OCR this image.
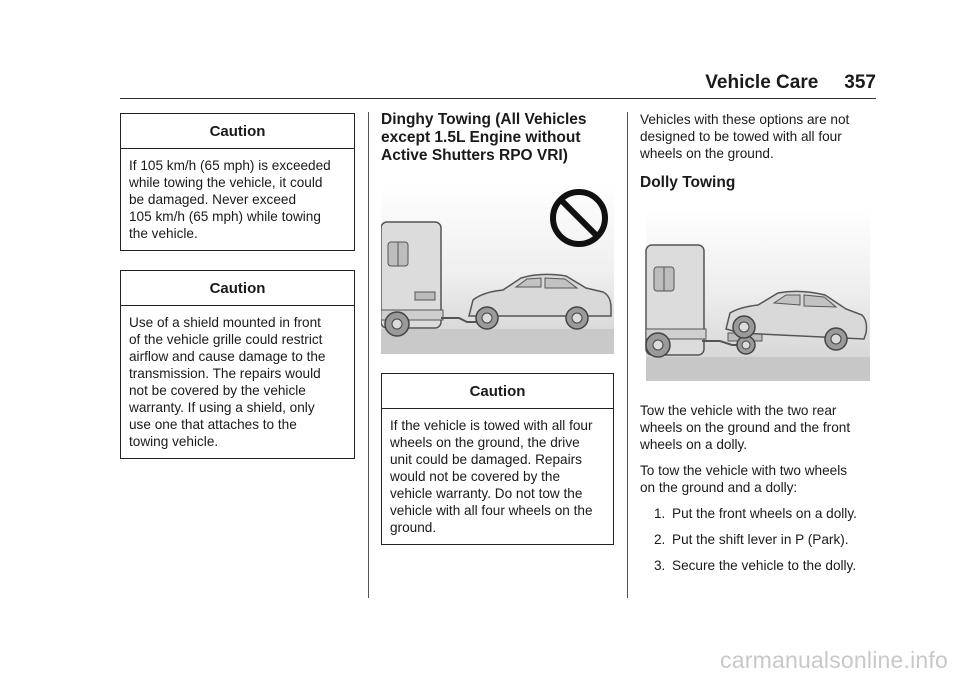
Vehicle Care 357
Caution
If 105 km/h (65 mph) is exceeded
while towing the vehicle, it could
be damaged. Never exceed
105 km/h (65 mph) while towing
the vehicle.
Caution
Use of a shield mounted in front
of the vehicle grille could restrict
airflow and cause damage to the
transmission. The repairs would
not be covered by the vehicle
warranty. If using a shield, only
use one that attaches to the
towing vehicle.
Dinghy Towing (All Vehicles
except 1.5L Engine without
Active Shutters RPO VRI)
Caution
If the vehicle is towed with all four
wheels on the ground, the drive
unit could be damaged. Repairs
would not be covered by the
vehicle warranty. Do not tow the
vehicle with all four wheels on the
ground.
Vehicles with these options are not
designed to be towed with all four
wheels on the ground.
Dolly Towing
Tow the vehicle with the two rear
wheels on the ground and the front
wheels on a dolly.
To tow the vehicle with two wheels
on the ground and a dolly:
1. Put the front wheels on a dolly.
2. Put the shift lever in P (Park).
3. Secure the vehicle to the dolly.
carmanualsonline.info
